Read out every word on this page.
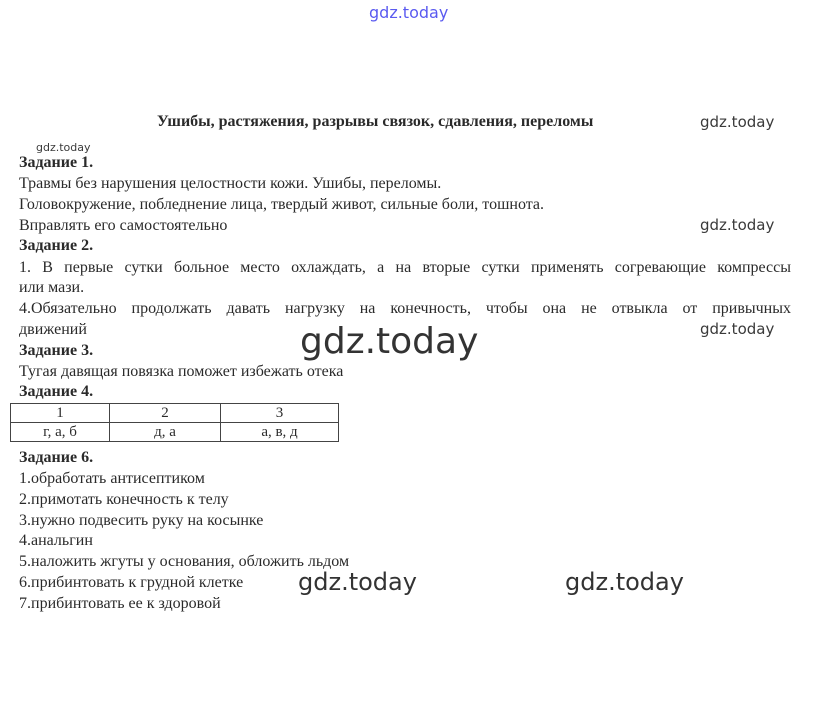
gdz.today
gdz.today
gdz.today
gdz.today
gdz.today
gdz.today
gdz.today	gdz.today
Ушибы, растяжения, разрывы связок, сдавления, переломы
Задание 1.
Травмы без нарушения целостности кожи. Ушибы, переломы.
Головокружение, побледнение лица, твердый живот, сильные боли, тошнота.
Вправлять его самостоятельно
Задание 2.
1. В первые сутки больное место охлаждать, а на вторые сутки применять согревающие компрессы
или мази.
4.Обязательно продолжать давать нагрузку на конечность, чтобы она не отвыкла от привычных
движений
Задание 3.
Тугая давящая повязка поможет избежать отека
Задание 4.
1	2	3
г, а, б	д, а	а, в, д
Задание 6.
1.обработать антисептиком
2.примотать конечность к телу
3.нужно подвесить руку на косынке
4.анальгин
5.наложить жгуты у основания, обложить льдом
6.прибинтовать к грудной клетке
7.прибинтовать ее к здоровой
